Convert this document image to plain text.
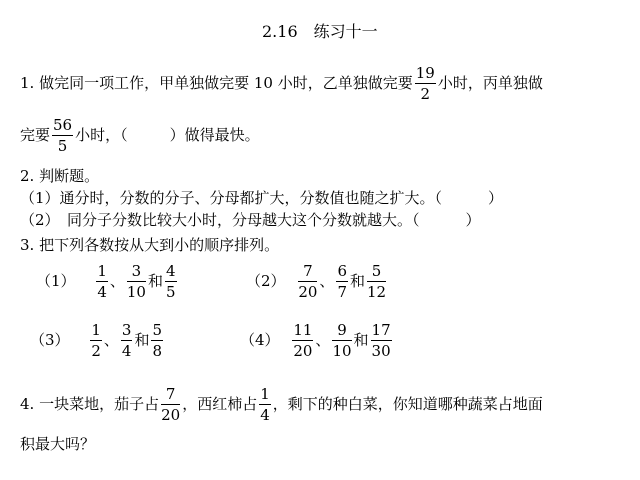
2.16　练习十一
1. 做完同一项工作，甲单独做完要 10 小时，乙单独做完要 $\frac{19}{2}$ 小时，丙单独做
完要 $\frac{56}{5}$ 小时，（	）做得最快。
2. 判断题。
（1）通分时，分数的分子、分母都扩大，分数值也随之扩大。（	）
（2）　同分子分数比较大小时，分母越大这个分数就越大。（	）
3. 把下列各数按从大到小的顺序排列。
$(1) \frac{1}{4}$ 、 $\frac{3}{10}$ 和 $\frac{4}{5}$	$(2) \frac{7}{20}$ 、 $\frac{6}{7}$ 和 $\frac{5}{12}$
$(3) \frac{1}{2}$ 、 $\frac{3}{4}$ 和 $\frac{5}{8}$	$(4) \frac{11}{20}$ 、 $\frac{9}{10}$ 和 $\frac{17}{30}$
4. 一块菜地，茄子占 $\frac{7}{20}$ ，西红柿占 $\frac{1}{4}$ ，剩下的种白菜，你知道哪种蔬菜占地面
积最大吗？
